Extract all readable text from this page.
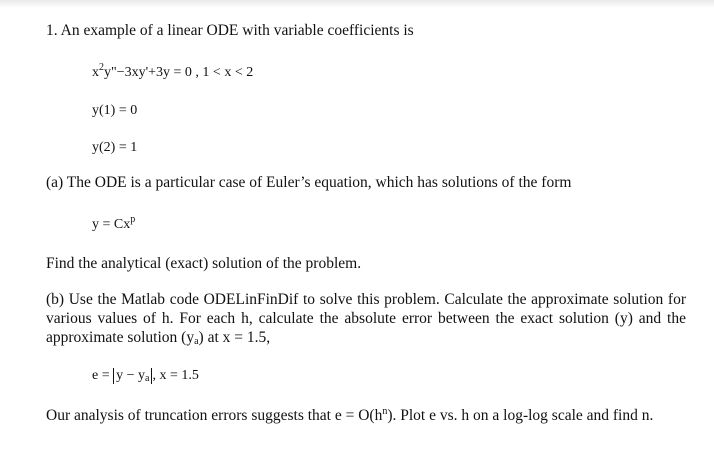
1. An example of a linear ODE with variable coefficients is
$x^2y"-3xy'+3y = 0$ , 1 < x < 2
y(1) = 0
y(2) = 1
(a) The ODE is a particular case of Euler’s equation, which has solutions of the form
$y = Cx^p$
Find the analytical (exact) solution of the problem.
(b) Use the Matlab code ODELinFinDif to solve this problem. Calculate the approximate solution for various values of h. For each h, calculate the absolute error between the exact solution (y) and the approximate solution $(y_a)$ at x = 1.5,
$e = y - y_a$ , x = 1.5
Our analysis of truncation errors suggests that $e = O(h^n)$. Plot e vs. h on a log-log scale and find n.
